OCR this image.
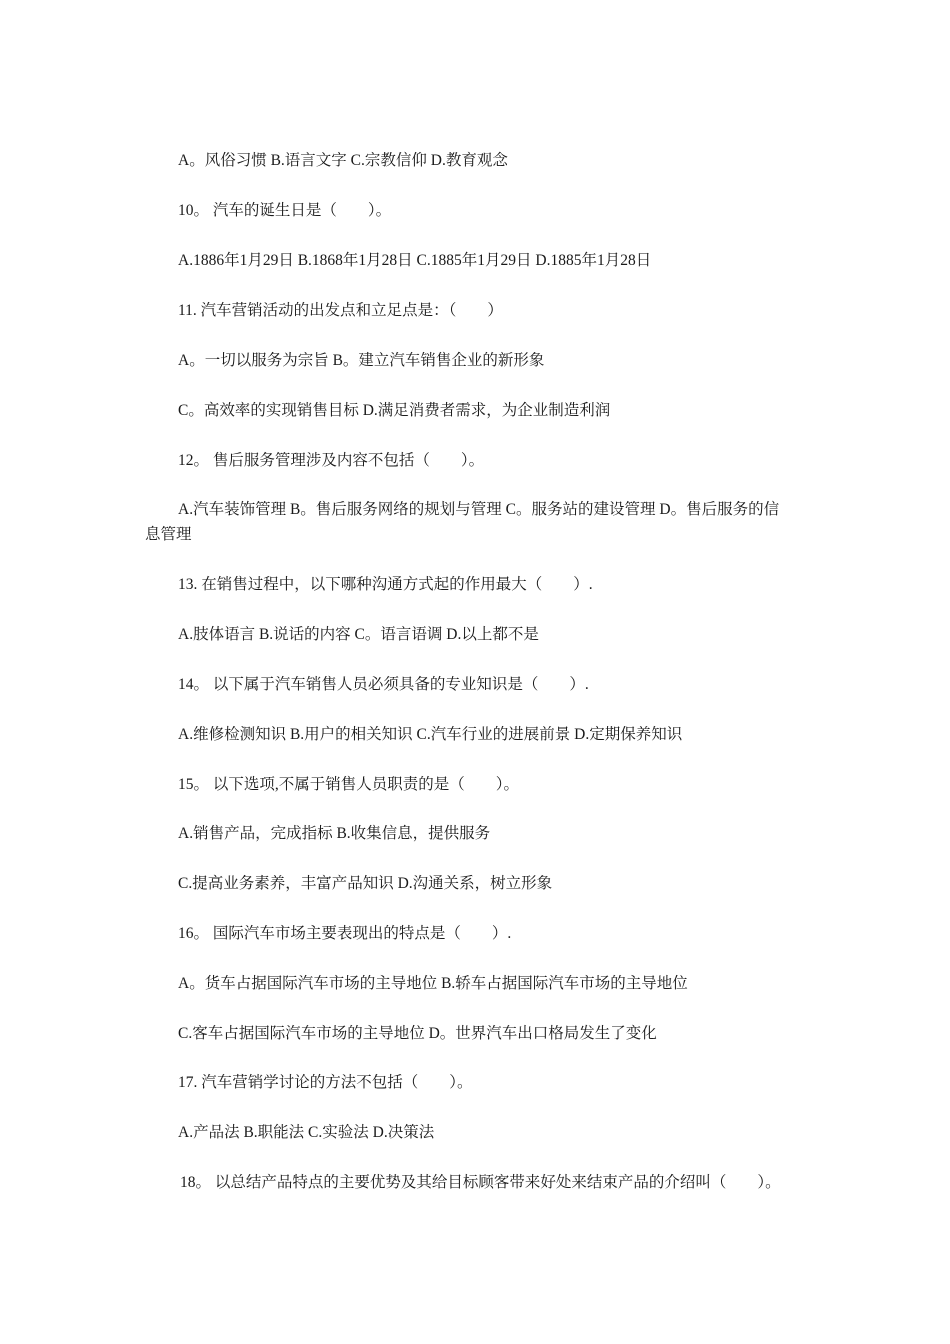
A。风俗习惯 B.语言文字 C.宗教信仰 D.教育观念
10。 汽车的诞生日是（　　）。
A.1886年1月29日 B.1868年1月28日 C.1885年1月29日 D.1885年1月28日
11. 汽车营销活动的出发点和立足点是：（　　）
A。一切以服务为宗旨 B。建立汽车销售企业的新形象
C。高效率的实现销售目标 D.满足消费者需求，为企业制造利润
12。 售后服务管理涉及内容不包括（　　）。
A.汽车装饰管理 B。售后服务网络的规划与管理 C。服务站的建设管理 D。售后服务的信息管理
13. 在销售过程中，以下哪种沟通方式起的作用最大（　　）.
A.肢体语言 B.说话的内容 C。语言语调 D.以上都不是
14。 以下属于汽车销售人员必须具备的专业知识是（　　）.
A.维修检测知识 B.用户的相关知识 C.汽车行业的进展前景 D.定期保养知识
15。 以下选项,不属于销售人员职责的是（　　）。
A.销售产品，完成指标 B.收集信息，提供服务
C.提高业务素养，丰富产品知识 D.沟通关系，树立形象
16。 国际汽车市场主要表现出的特点是（　　）.
A。货车占据国际汽车市场的主导地位 B.轿车占据国际汽车市场的主导地位
C.客车占据国际汽车市场的主导地位 D。世界汽车出口格局发生了变化
17. 汽车营销学讨论的方法不包括（　　）。
A.产品法 B.职能法 C.实验法 D.决策法
18。 以总结产品特点的主要优势及其给目标顾客带来好处来结束产品的介绍叫（　　）。
